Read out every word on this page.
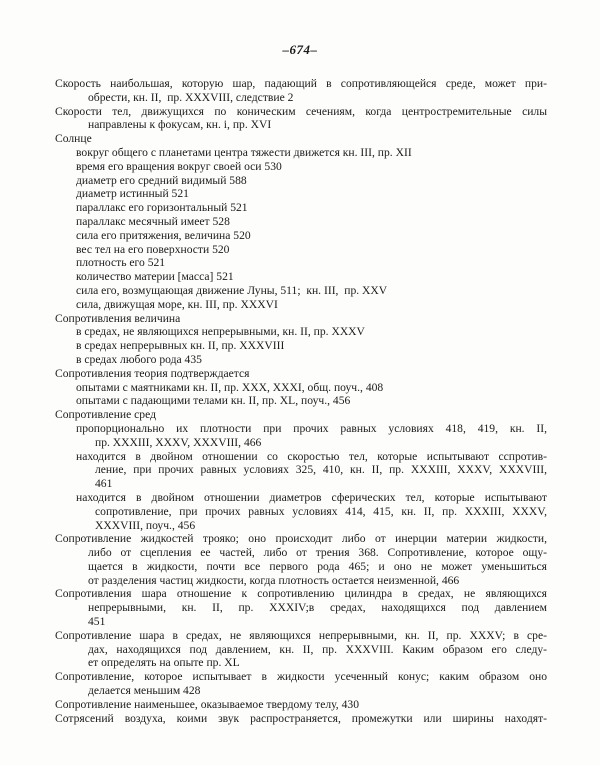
–674–
Скорость наибольшая, которую шар, падающий в сопротивляющейся среде, может при-
обрести, кн. II, пр. XXXVIII, следствие 2
Скорости тел, движущихся по коническим сечениям, когда центростремительные силы
направлены к фокусам, кн. i, пр. XVI
Солнце
вокруг общего с планетами центра тяжести движется кн. III, пр. XII
время его вращения вокруг своей оси 530
диаметр его средний видимый 588
диаметр истинный 521
параллакс его горизонтальный 521
параллакс месячный имеет 528
сила его притяжения, величина 520
вес тел на его поверхности 520
плотность его 521
количество материи [масса] 521
сила его, возмущающая движение Луны, 511; кн. III, пр. XXV
сила, движущая море, кн. III, пр. XXXVI
Сопротивления величина
в средах, не являющихся непрерывными, кн. II, пр. XXXV
в средах непрерывных кн. II, пр. XXXVIII
в средах любого рода 435
Сопротивления теория подтверждается
опытами с маятниками кн. II, пр. XXX, XXXI, общ. поуч., 408
опытами с падающими телами кн. II, пр. XL, поуч., 456
Сопротивление сред
пропорционально их плотности при прочих равных условиях 418, 419, кн. II,
пр. XXXIII, XXXV, XXXVIII, 466
находится в двойном отношении со скоростью тел, которые испытывают сспротив-
ление, при прочих равных условиях 325, 410, кн. II, пр. XXXIII, XXXV, XXXVIII,
461
находится в двойном отношении диаметров сферических тел, которые испытывают
сопротивление, при прочих равных условиях 414, 415, кн. II, пр. XXXIII, XXXV,
XXXVIII, поуч., 456
Сопротивление жидкостей трояко; оно происходит либо от инерции материи жидкости,
либо от сцепления ее частей, либо от трения 368. Сопротивление, которое ощу-
щается в жидкости, почти все первого рода 465; и оно не может уменьшиться
от разделения частиц жидкости, когда плотность остается неизменной, 466
Сопротивления шара отношение к сопротивлению цилиндра в средах, не являющихся
непрерывными, кн. II, пр. XXXIV;в средах, находящихся под давлением
451
Сопротивление шара в средах, не являющихся непрерывными, кн. II, пр. XXXV; в сре-
дах, находящихся под давлением, кн. II, пр. XXXVIII. Каким образом его следу-
ет определять на опыте пр. XL
Сопротивление, которое испытывает в жидкости усеченный конус; каким образом оно
делается меньшим 428
Сопротивление наименьшее, оказываемое твердому телу, 430
Сотрясений воздуха, коими звук распространяется, промежутки или ширины находят-
